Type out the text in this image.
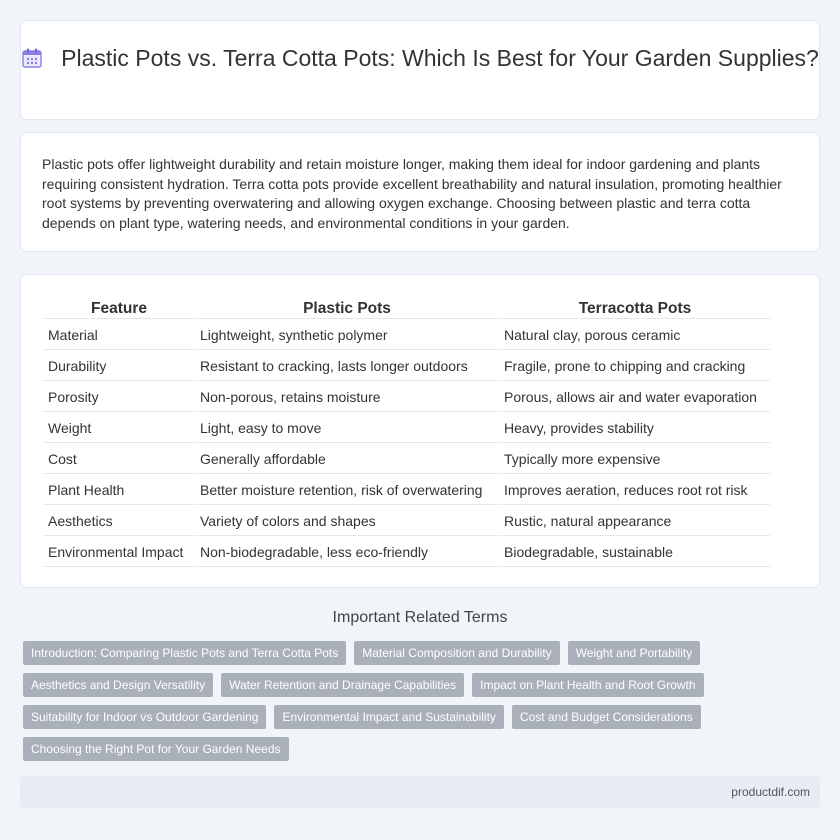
Plastic Pots vs. Terra Cotta Pots: Which Is Best for Your Garden Supplies?

Plastic pots offer lightweight durability and retain moisture longer, making them ideal for indoor gardening and plants requiring consistent hydration. Terra cotta pots provide excellent breathability and natural insulation, promoting healthier root systems by preventing overwatering and allowing oxygen exchange. Choosing between plastic and terra cotta depends on plant type, watering needs, and environmental conditions in your garden.

Feature	Plastic Pots	Terracotta Pots
Material	Lightweight, synthetic polymer	Natural clay, porous ceramic
Durability	Resistant to cracking, lasts longer outdoors	Fragile, prone to chipping and cracking
Porosity	Non-porous, retains moisture	Porous, allows air and water evaporation
Weight	Light, easy to move	Heavy, provides stability
Cost	Generally affordable	Typically more expensive
Plant Health	Better moisture retention, risk of overwatering	Improves aeration, reduces root rot risk
Aesthetics	Variety of colors and shapes	Rustic, natural appearance
Environmental Impact	Non-biodegradable, less eco-friendly	Biodegradable, sustainable
Important Related Terms
Introduction: Comparing Plastic Pots and Terra Cotta Pots	Material Composition and Durability	Weight and Portability
Aesthetics and Design Versatility	Water Retention and Drainage Capabilities	Impact on Plant Health and Root Growth
Suitability for Indoor vs Outdoor Gardening	Environmental Impact and Sustainability	Cost and Budget Considerations
Choosing the Right Pot for Your Garden Needs
productdif.com
